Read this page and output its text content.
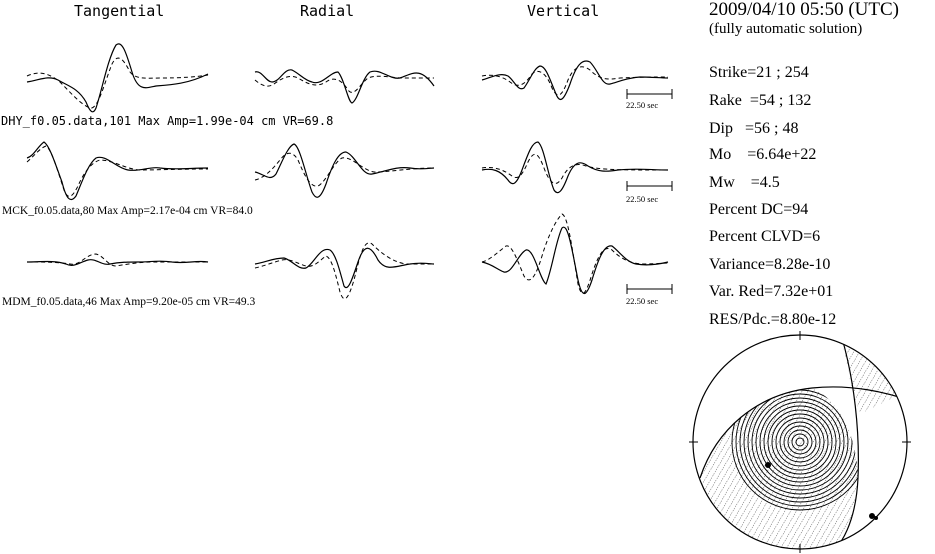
Tangential	Radial	Vertical
DHY_f0.05.data,101 Max Amp=1.99e-04 cm VR=69.8
MCK_f0.05.data,80 Max Amp=2.17e-04 cm VR=84.0
MDM_f0.05.data,46 Max Amp=9.20e-05 cm VR=49.3
22.50 sec
22.50 sec
22.50 sec
2009/04/10 05:50 (UTC)
(fully automatic solution)
Strike=21 ; 254
Rake  =54 ; 132
Dip   =56 ; 48
Mo    =6.64e+22
Mw    =4.5
Percent DC=94
Percent CLVD=6
Variance=8.28e-10
Var. Red=7.32e+01
RES/Pdc.=8.80e-12
